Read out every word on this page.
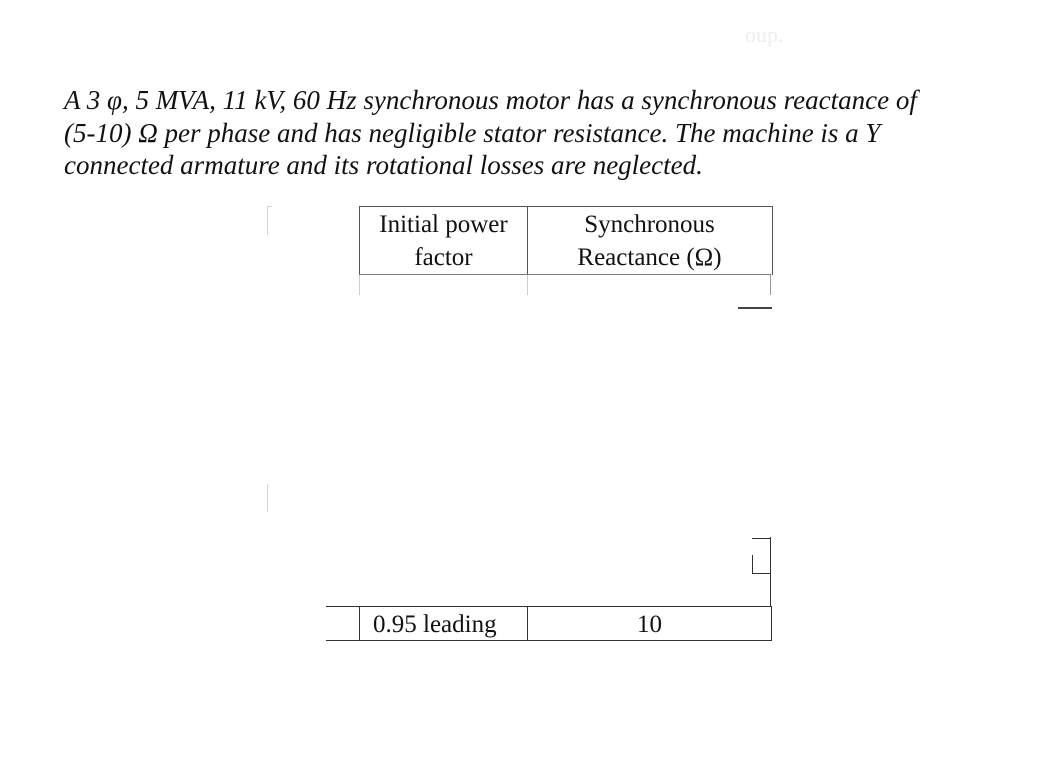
oup.
A 3 φ, 5 MVA, 11 kV, 60 Hz synchronous motor has a synchronous reactance of
(5-10) Ω per phase and has negligible stator resistance. The machine is a Y
connected armature and its rotational losses are neglected.
Initial power
factor
Synchronous
Reactance (Ω)
0.95 leading	10
